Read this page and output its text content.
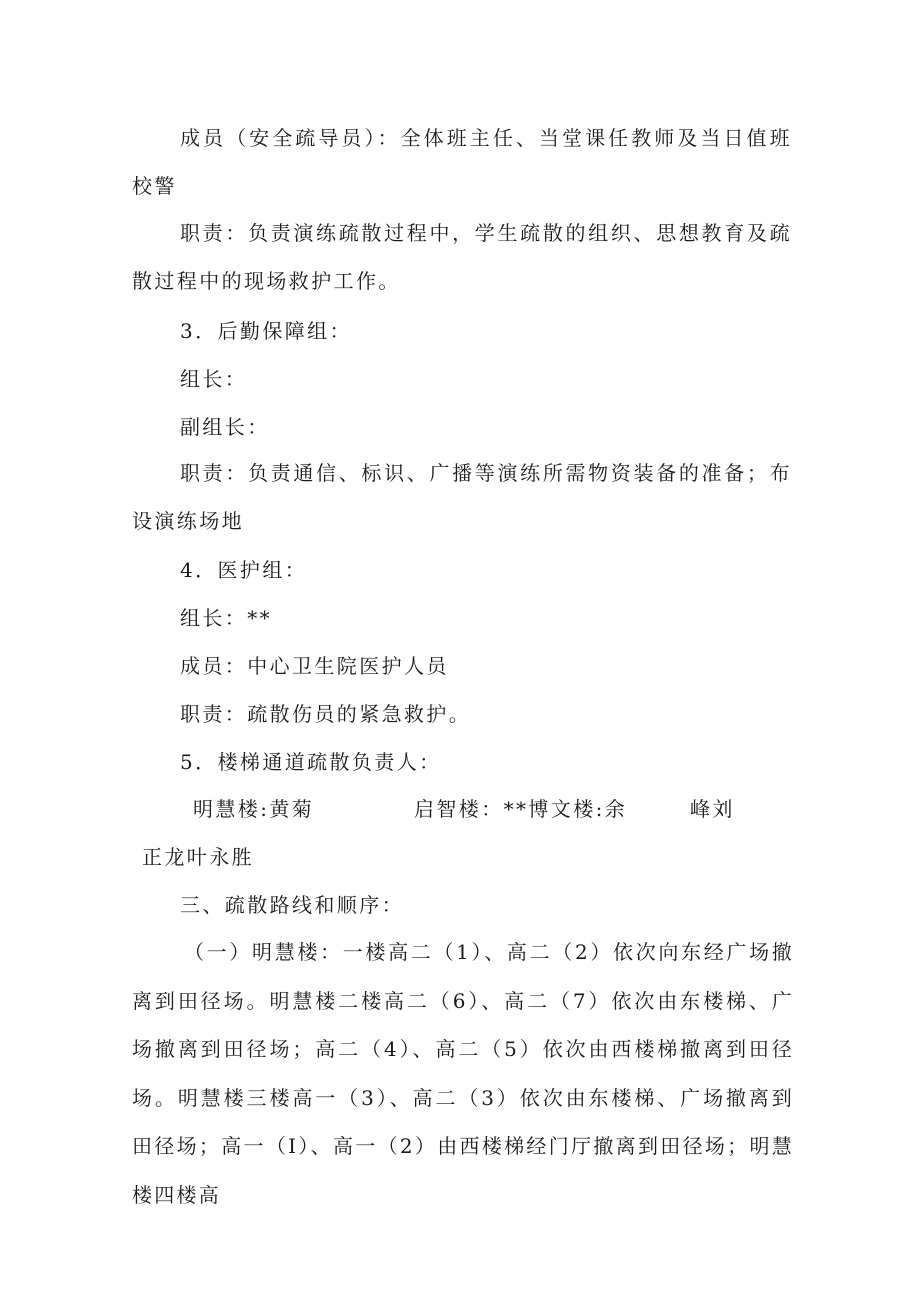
成员（安全疏导员）：全体班主任、当堂课任教师及当日值班校警
职责：负责演练疏散过程中，学生疏散的组织、思想教育及疏散过程中的现场救护工作。
3．后勤保障组：
组长：
副组长：
职责：负责通信、标识、广播等演练所需物资装备的准备；布设演练场地
4．医护组：
组长：**
成员：中心卫生院医护人员
职责：疏散伤员的紧急救护。
5．楼梯通道疏散负责人：
明慧楼:黄菊	启智楼：**博文楼:余	峰刘
正龙叶永胜
三、疏散路线和顺序：
（一）明慧楼：一楼高二（1）、高二（2）依次向东经广场撤离到田径场。明慧楼二楼高二（6）、高二（7）依次由东楼梯、广场撤离到田径场；高二（4）、高二（5）依次由西楼梯撤离到田径场。明慧楼三楼高一（3）、高二（3）依次由东楼梯、广场撤离到田径场；高一（I）、高一（2）由西楼梯经门厅撤离到田径场；明慧楼四楼高
